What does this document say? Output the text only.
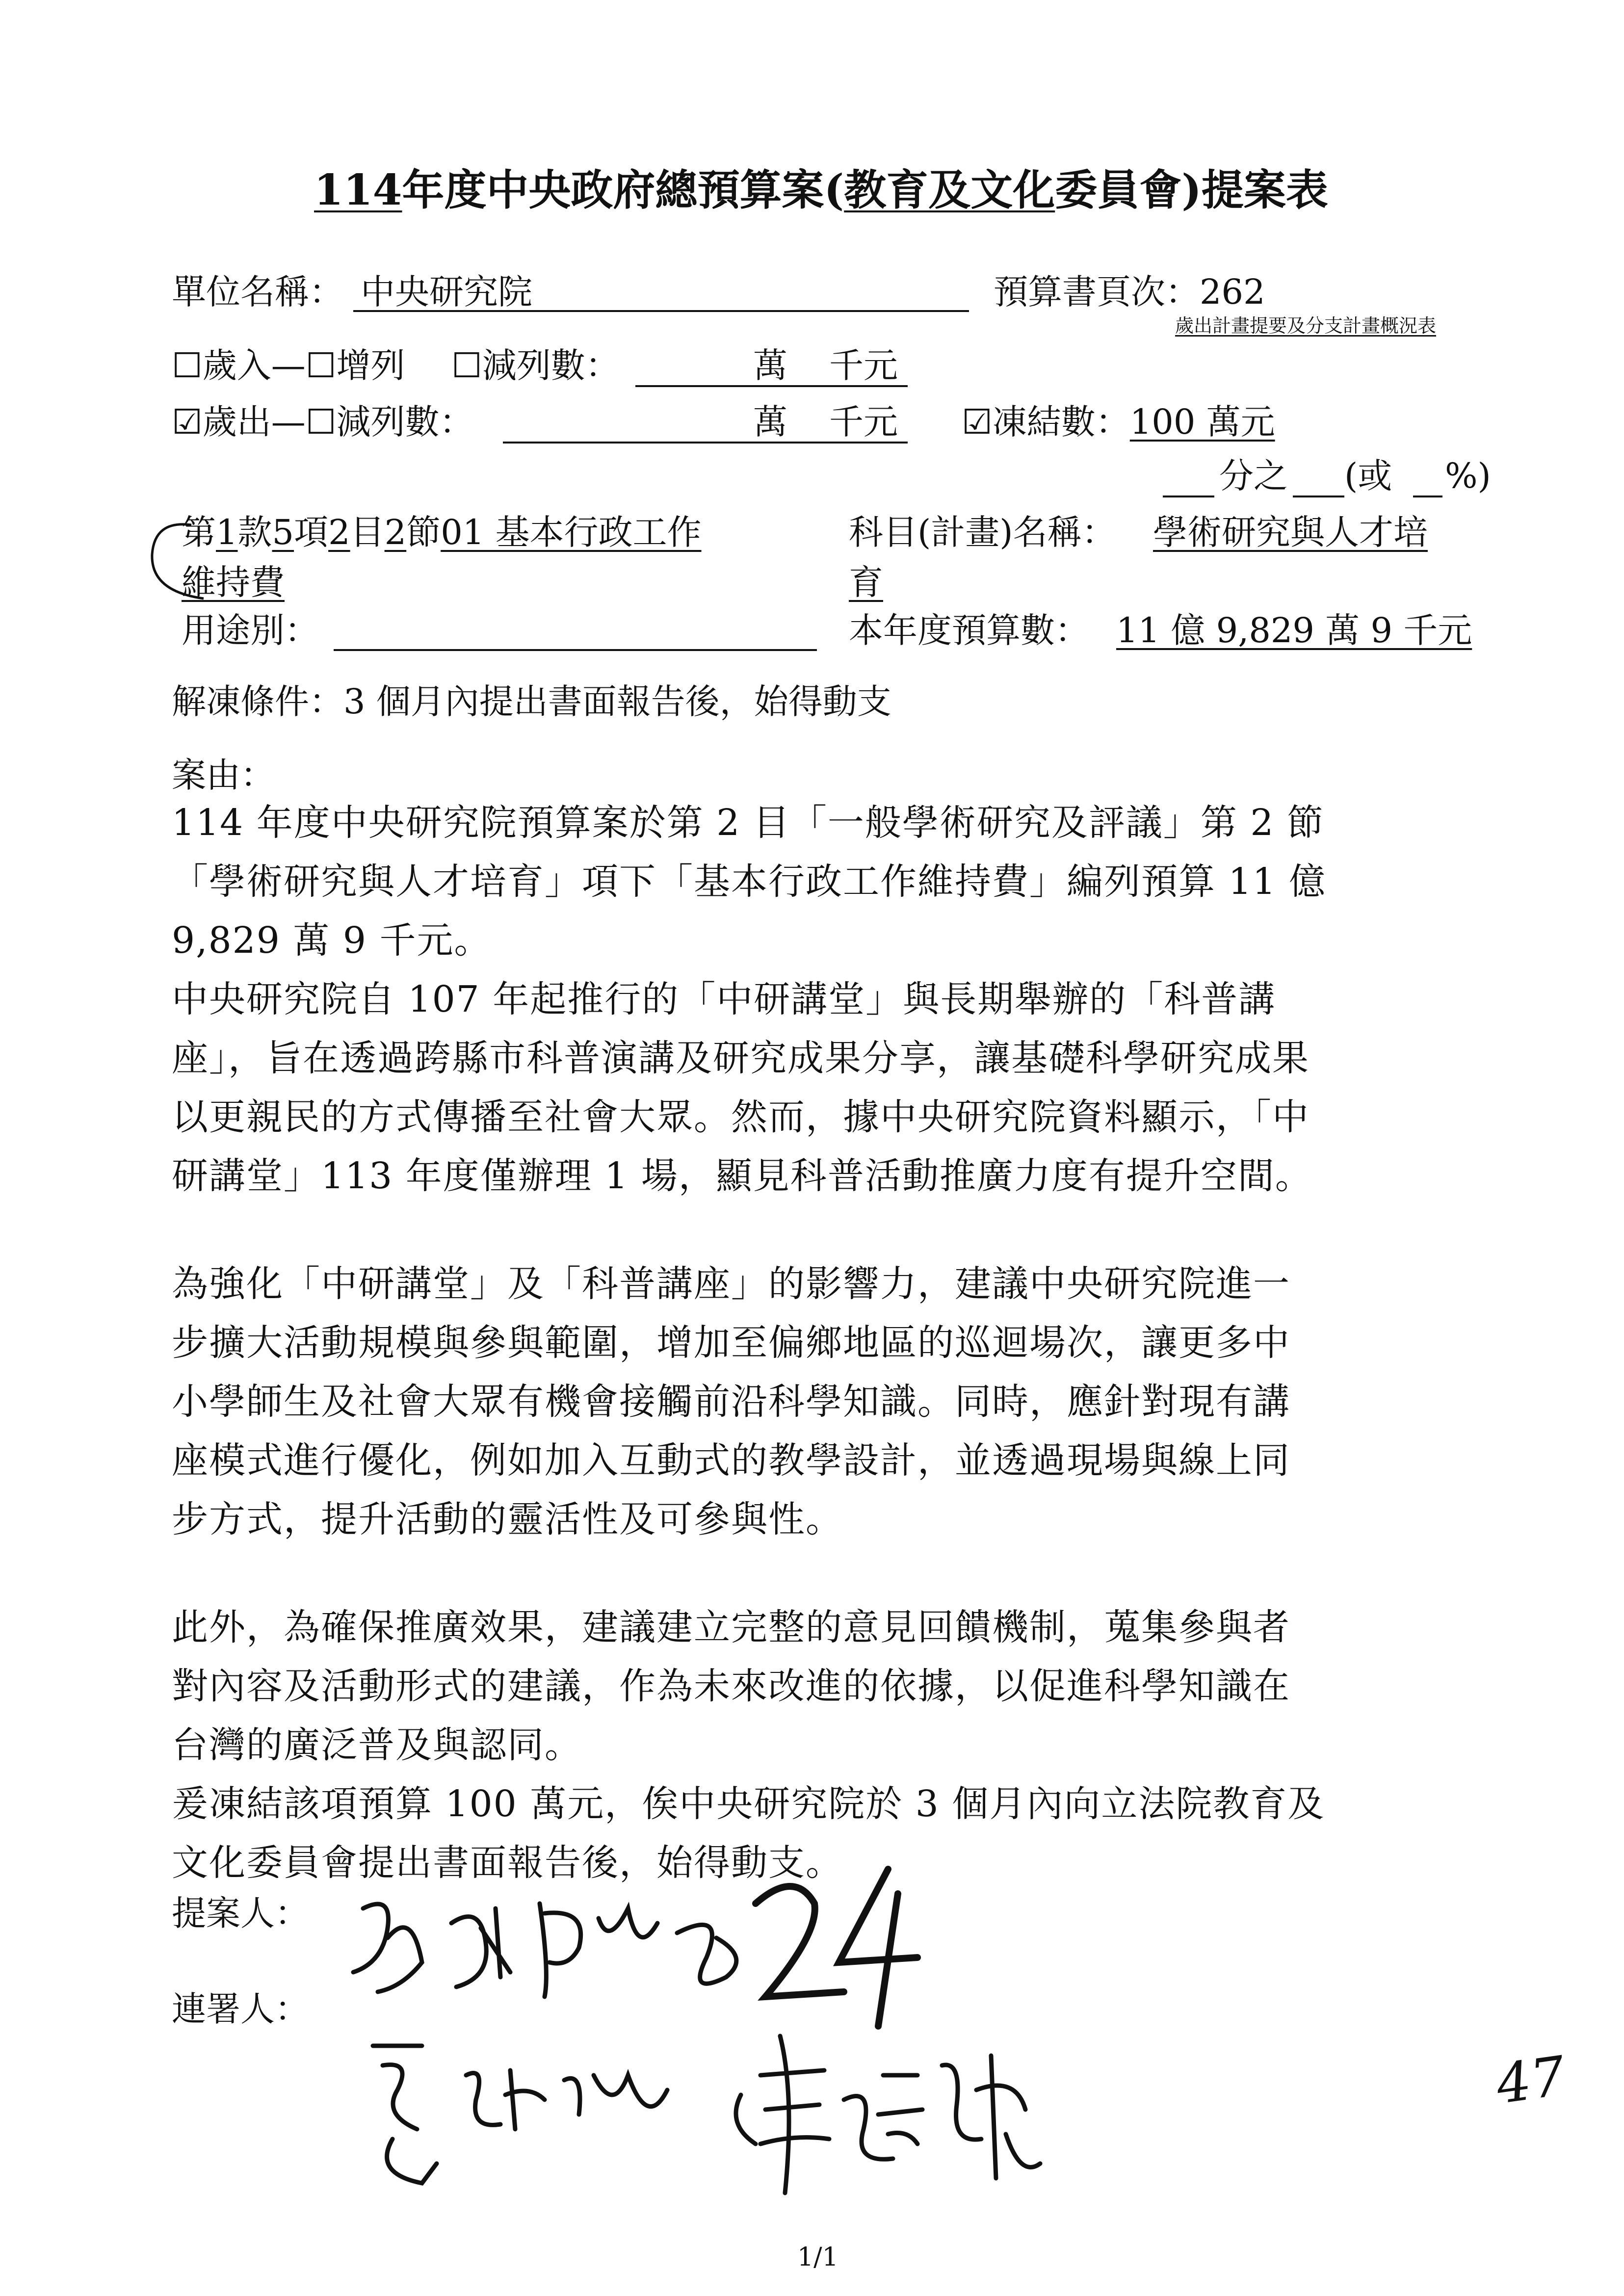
114年度中央政府總預算案(教育及文化委員會)提案表
單位名稱： 中央研究院	預算書頁次： 262
歲出計畫提要及分支計畫概況表
☐歲入—☐增列 ☐減列數：	萬 千元
☑歲出—☐減列數：	萬 千元 ☑凍結數：100 萬元
分之 (或 %)
第1款5項2目2節01 基本行政工作
維持費
科目(計畫)名稱： 學術研究與人才培
育
用途別：	本年度預算數： 11 億 9,829 萬 9 千元
解凍條件：3 個月內提出書面報告後，始得動支
案由：
114 年度中央研究院預算案於第 2 目「一般學術研究及評議」第 2 節
「學術研究與人才培育」項下「基本行政工作維持費」編列預算 11 億
9,829 萬 9 千元。
中央研究院自 107 年起推行的「中研講堂」與長期舉辦的「科普講
座」，旨在透過跨縣市科普演講及研究成果分享，讓基礎科學研究成果
以更親民的方式傳播至社會大眾。然而，據中央研究院資料顯示，「中
研講堂」113 年度僅辦理 1 場，顯見科普活動推廣力度有提升空間。
為強化「中研講堂」及「科普講座」的影響力，建議中央研究院進一
步擴大活動規模與參與範圍，增加至偏鄉地區的巡迴場次，讓更多中
小學師生及社會大眾有機會接觸前沿科學知識。同時，應針對現有講
座模式進行優化，例如加入互動式的教學設計，並透過現場與線上同
步方式，提升活動的靈活性及可參與性。
此外，為確保推廣效果，建議建立完整的意見回饋機制，蒐集參與者
對內容及活動形式的建議，作為未來改進的依據，以促進科學知識在
台灣的廣泛普及與認同。
爰凍結該項預算 100 萬元，俟中央研究院於 3 個月內向立法院教育及
文化委員會提出書面報告後，始得動支。
提案人：
連署人：
47
1/1
